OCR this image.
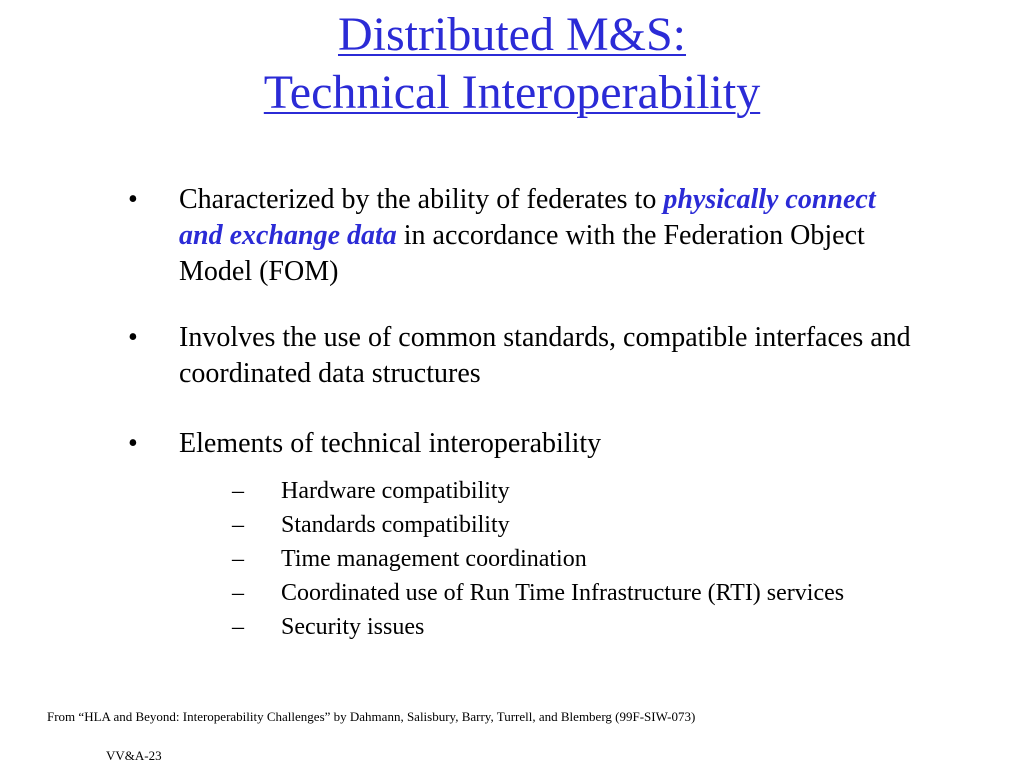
Distributed M&S:
Technical Interoperability
• Characterized by the ability of federates to physically connect and exchange data in accordance with the Federation Object Model (FOM)
• Involves the use of common standards, compatible interfaces and coordinated data structures
• Elements of technical interoperability
– Hardware compatibility
– Standards compatibility
– Time management coordination
– Coordinated use of Run Time Infrastructure (RTI) services
– Security issues
From “HLA and Beyond: Interoperability Challenges” by Dahmann, Salisbury, Barry, Turrell, and Blemberg (99F-SIW-073)
VV&A-23
